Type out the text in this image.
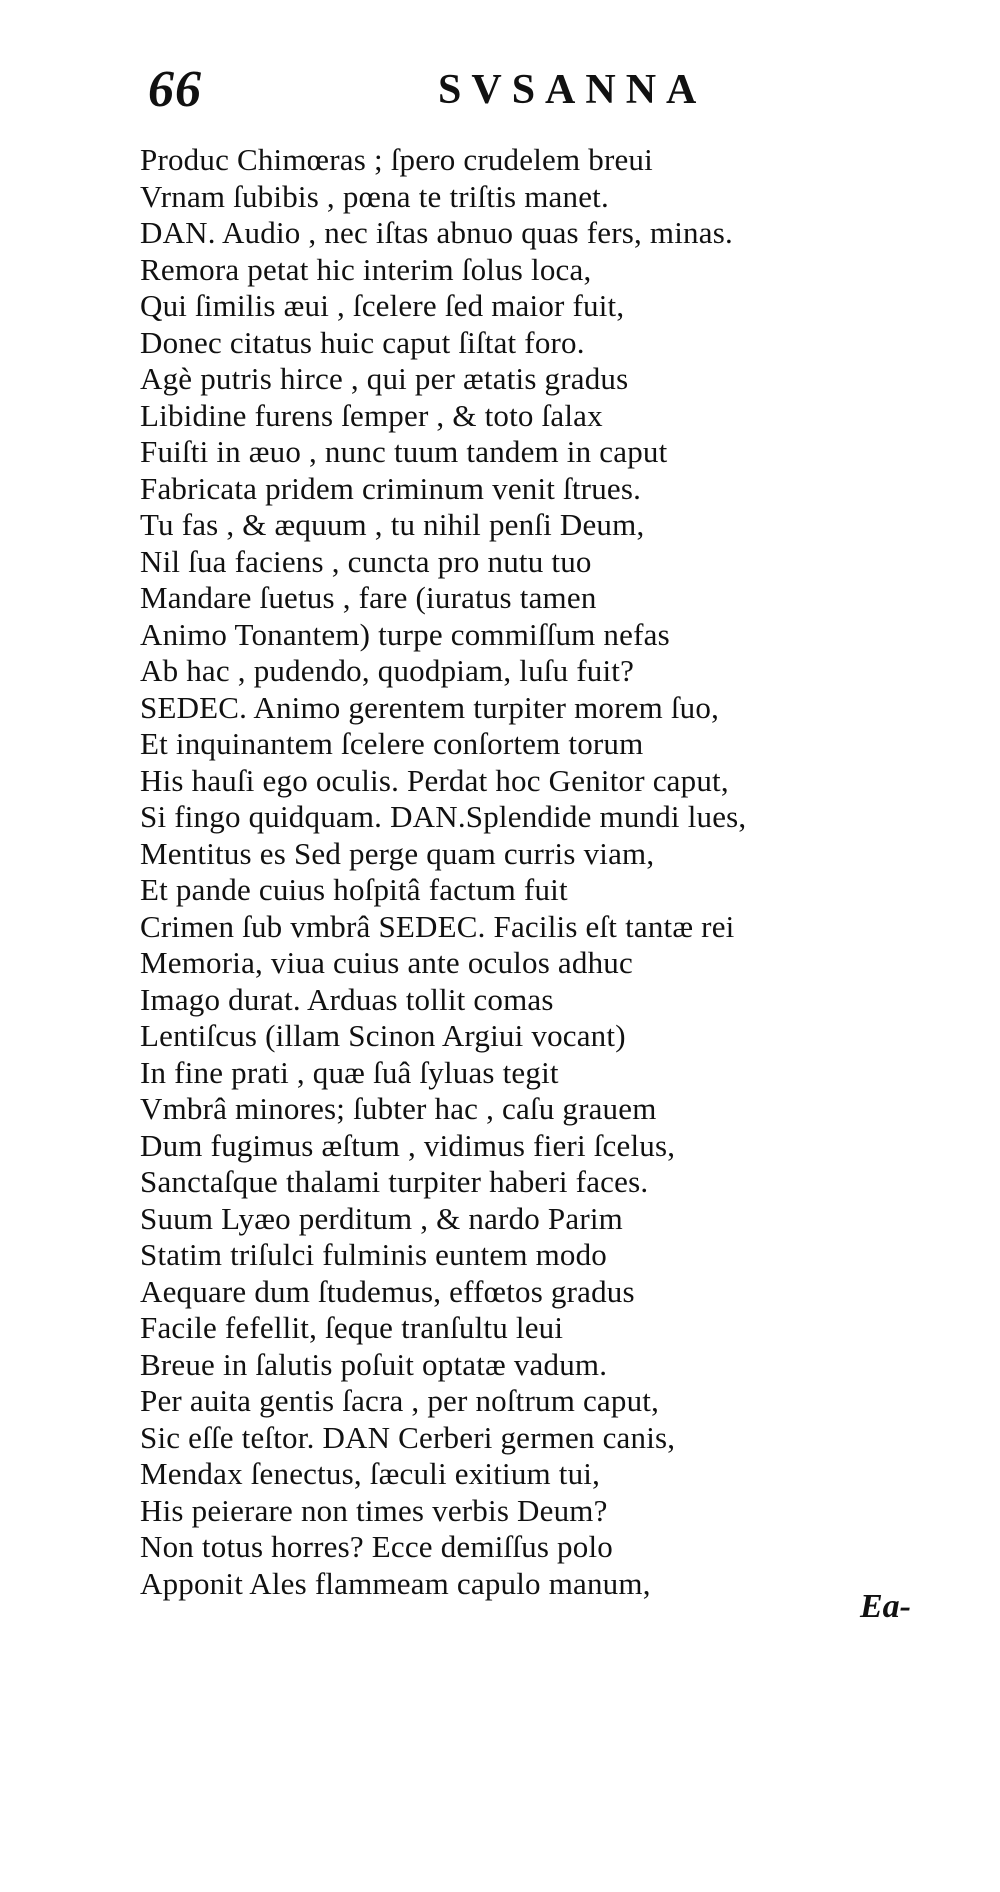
66	SVSANNA
Produc Chimœras ; ſpero crudelem breui
Vrnam ſubibis , pœna te triſtis manet.
DAN. Audio , nec iſtas abnuo quas fers, minas.
Remora petat hic interim ſolus loca,
Qui ſimilis æui , ſcelere ſed maior fuit,
Donec citatus huic caput ſiſtat foro.
Agè putris hirce , qui per ætatis gradus
Libidine furens ſemper , & toto ſalax
Fuiſti in æuo , nunc tuum tandem in caput
Fabricata pridem criminum venit ſtrues.
Tu fas , & æquum , tu nihil penſi Deum,
Nil ſua faciens , cuncta pro nutu tuo
Mandare ſuetus , fare (iuratus tamen
Animo Tonantem) turpe commiſſum nefas
Ab hac , pudendo, quodpiam, luſu fuit?
SEDEC. Animo gerentem turpiter morem ſuo,
Et inquinantem ſcelere conſortem torum
His hauſi ego oculis. Perdat hoc Genitor caput,
Si fingo quidquam. DAN.Splendide mundi lues,
Mentitus es Sed perge quam curris viam,
Et pande cuius hoſpitâ factum fuit
Crimen ſub vmbrâ SEDEC. Facilis eſt tantæ rei
Memoria, viua cuius ante oculos adhuc
Imago durat. Arduas tollit comas
Lentiſcus (illam Scinon Argiui vocant)
In fine prati , quæ ſuâ ſyluas tegit
Vmbrâ minores; ſubter hac , caſu grauem
Dum fugimus æſtum , vidimus fieri ſcelus,
Sanctaſque thalami turpiter haberi faces.
Suum Lyæo perditum , & nardo Parim
Statim triſulci fulminis euntem modo
Aequare dum ſtudemus, effœtos gradus
Facile fefellit, ſeque tranſultu leui
Breue in ſalutis poſuit optatæ vadum.
Per auita gentis ſacra , per noſtrum caput,
Sic eſſe teſtor. DAN Cerberi germen canis,
Mendax ſenectus, ſæculi exitium tui,
His peierare non times verbis Deum?
Non totus horres? Ecce demiſſus polo
Apponit Ales flammeam capulo manum,
Ea-
